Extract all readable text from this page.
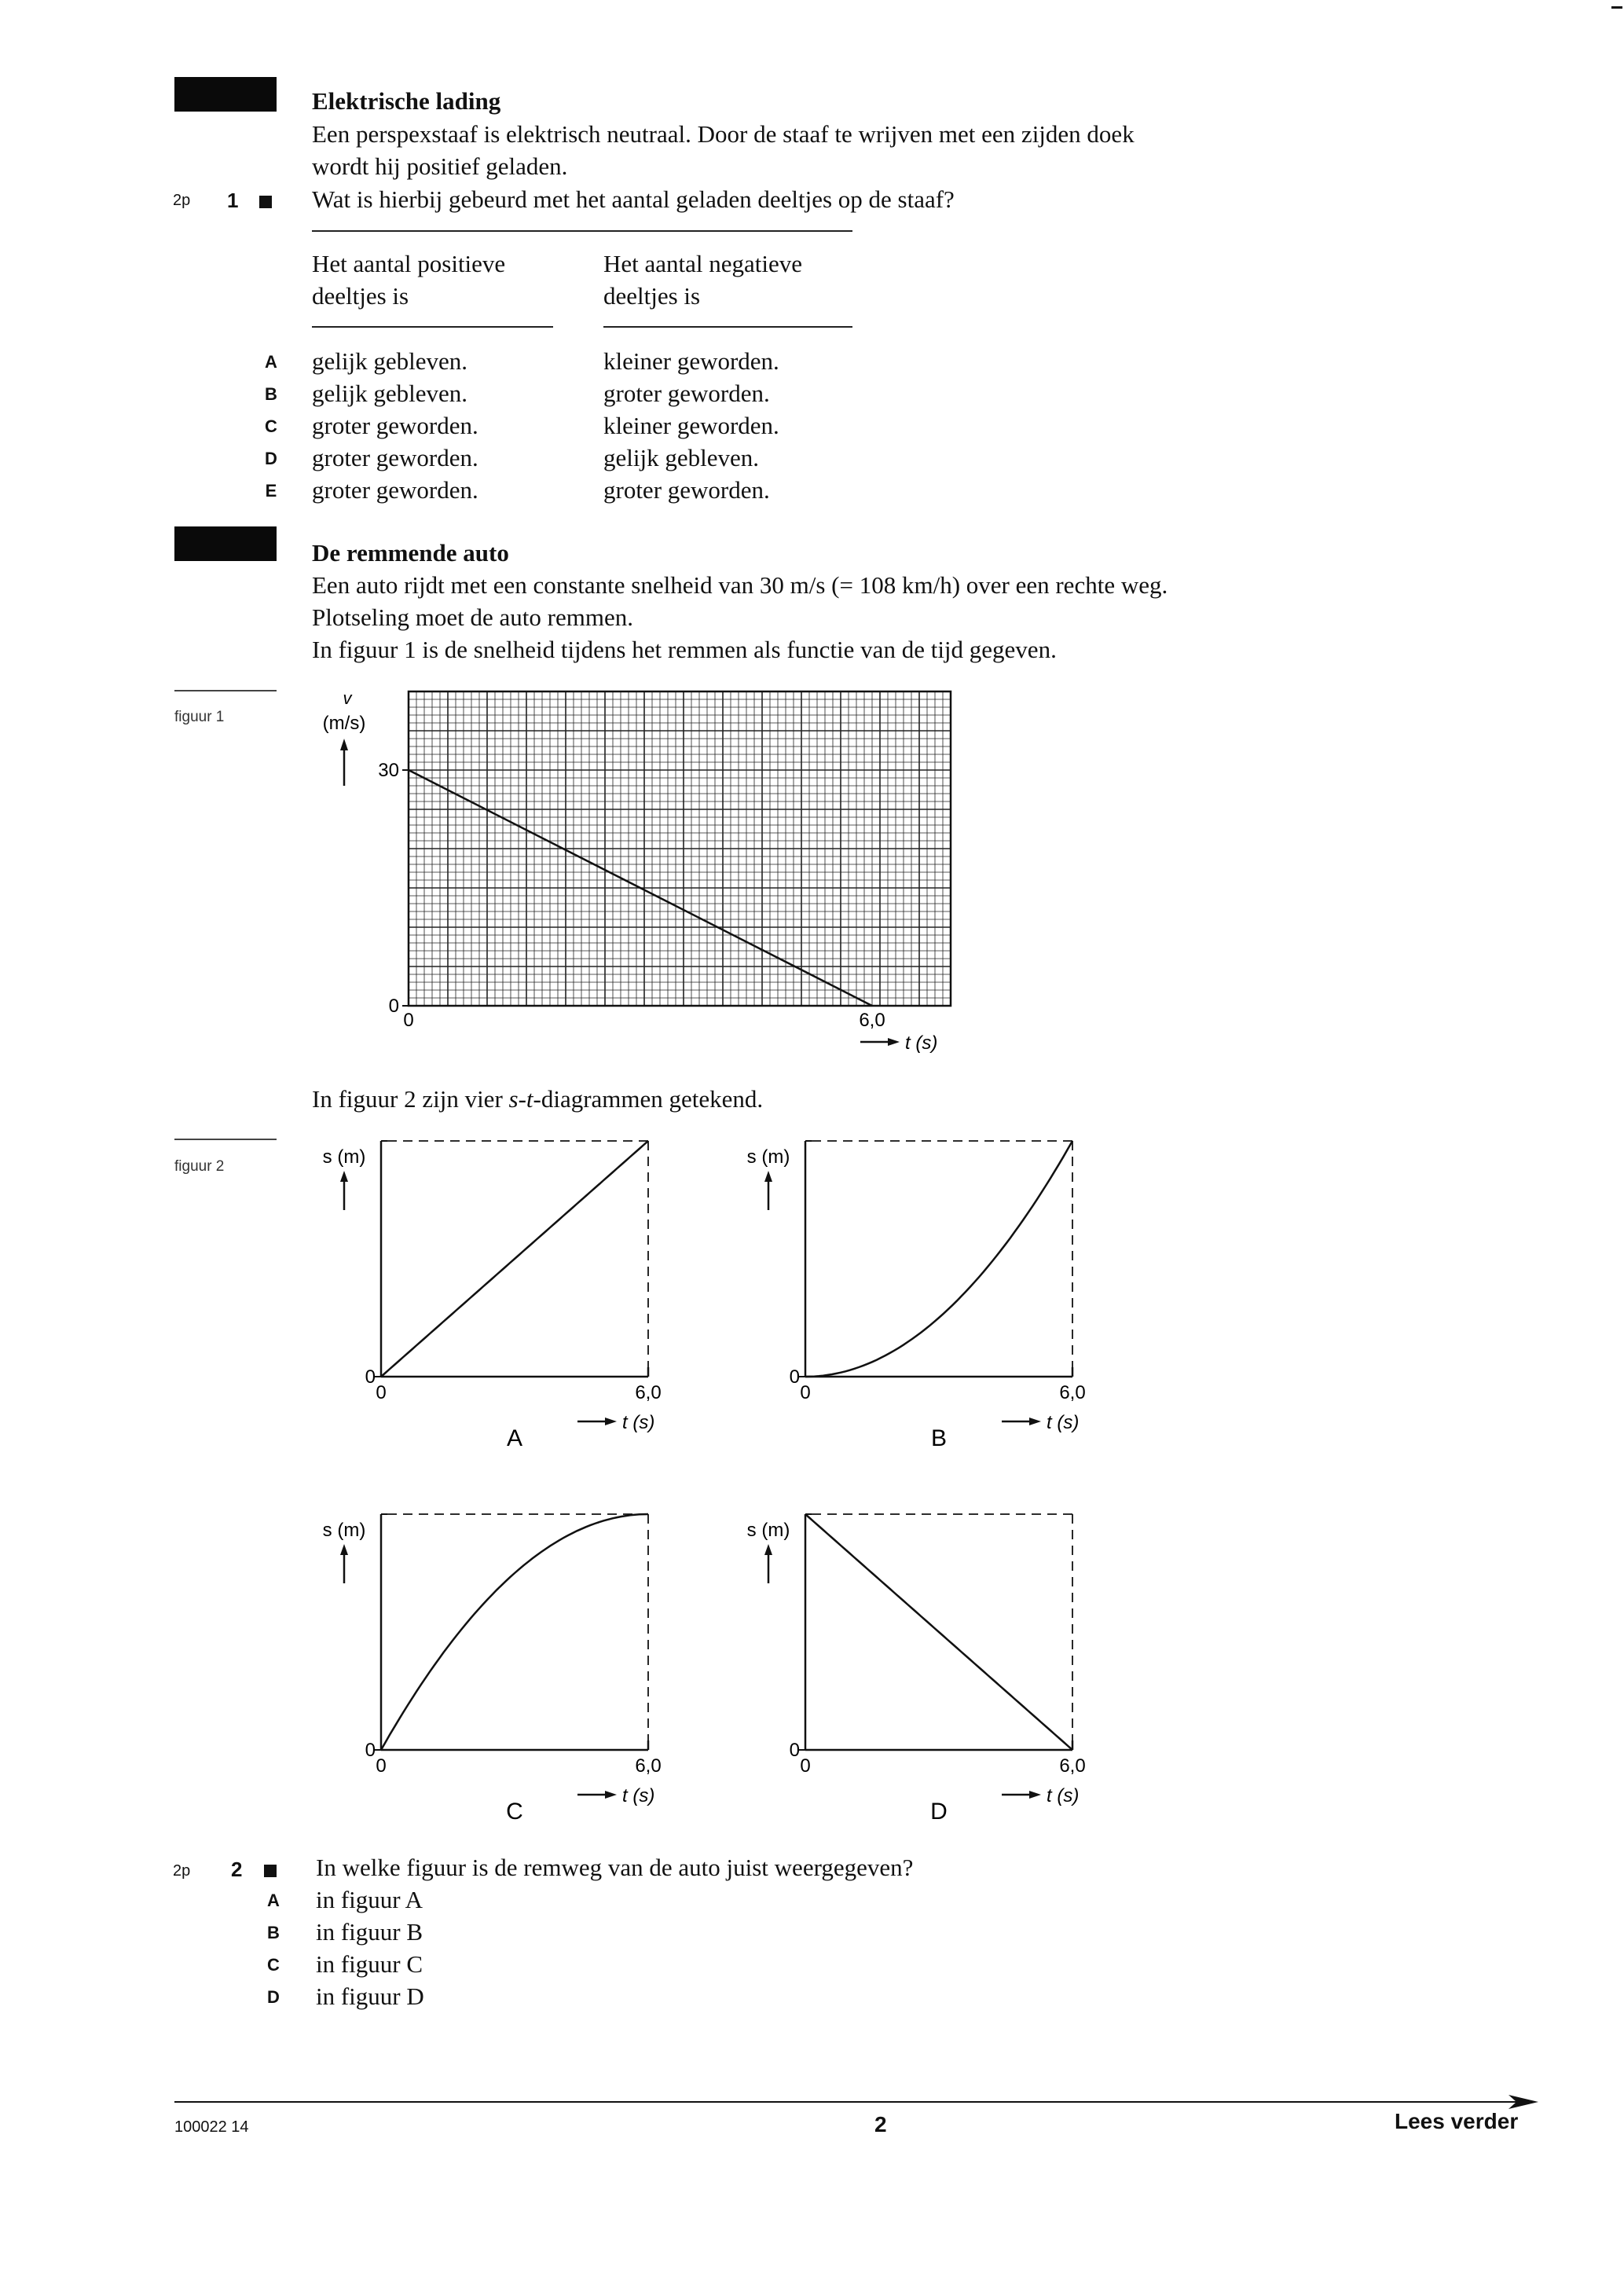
Elektrische lading
Een perspexstaaf is elektrisch neutraal. Door de staaf te wrijven met een zijden doek
wordt hij positief geladen.
2p 1	Wat is hierbij gebeurd met het aantal geladen deeltjes op de staaf?
Het aantal positieve
deeltjes is
Het aantal negatieve
deeltjes is
A gelijk gebleven.	kleiner geworden.
B gelijk gebleven.	groter geworden.
C groter geworden.	kleiner geworden.
D groter geworden.	gelijk gebleven.
E groter geworden.	groter geworden.
De remmende auto
Een auto rijdt met een constante snelheid van 30 m/s (= 108 km/h) over een rechte weg.
Plotseling moet de auto remmen.
In figuur 1 is de snelheid tijdens het remmen als functie van de tijd gegeven.
figuur 1
v
(m/s)
30
0
0	6,0
t (s)
In figuur 2 zijn vier s-t-diagrammen getekend.
figuur 2	s (m)
0
0	6,0
t (s)
A
s (m)
0
0	6,0
t (s)
B
s (m)
0
0	6,0
t (s)
C
s (m)
0
0	6,0
t (s)
D
2p 2	In welke figuur is de remweg van de auto juist weergegeven?
A in figuur A
B in figuur B
C in figuur C
D in figuur D
100022 14	2	Lees verder
